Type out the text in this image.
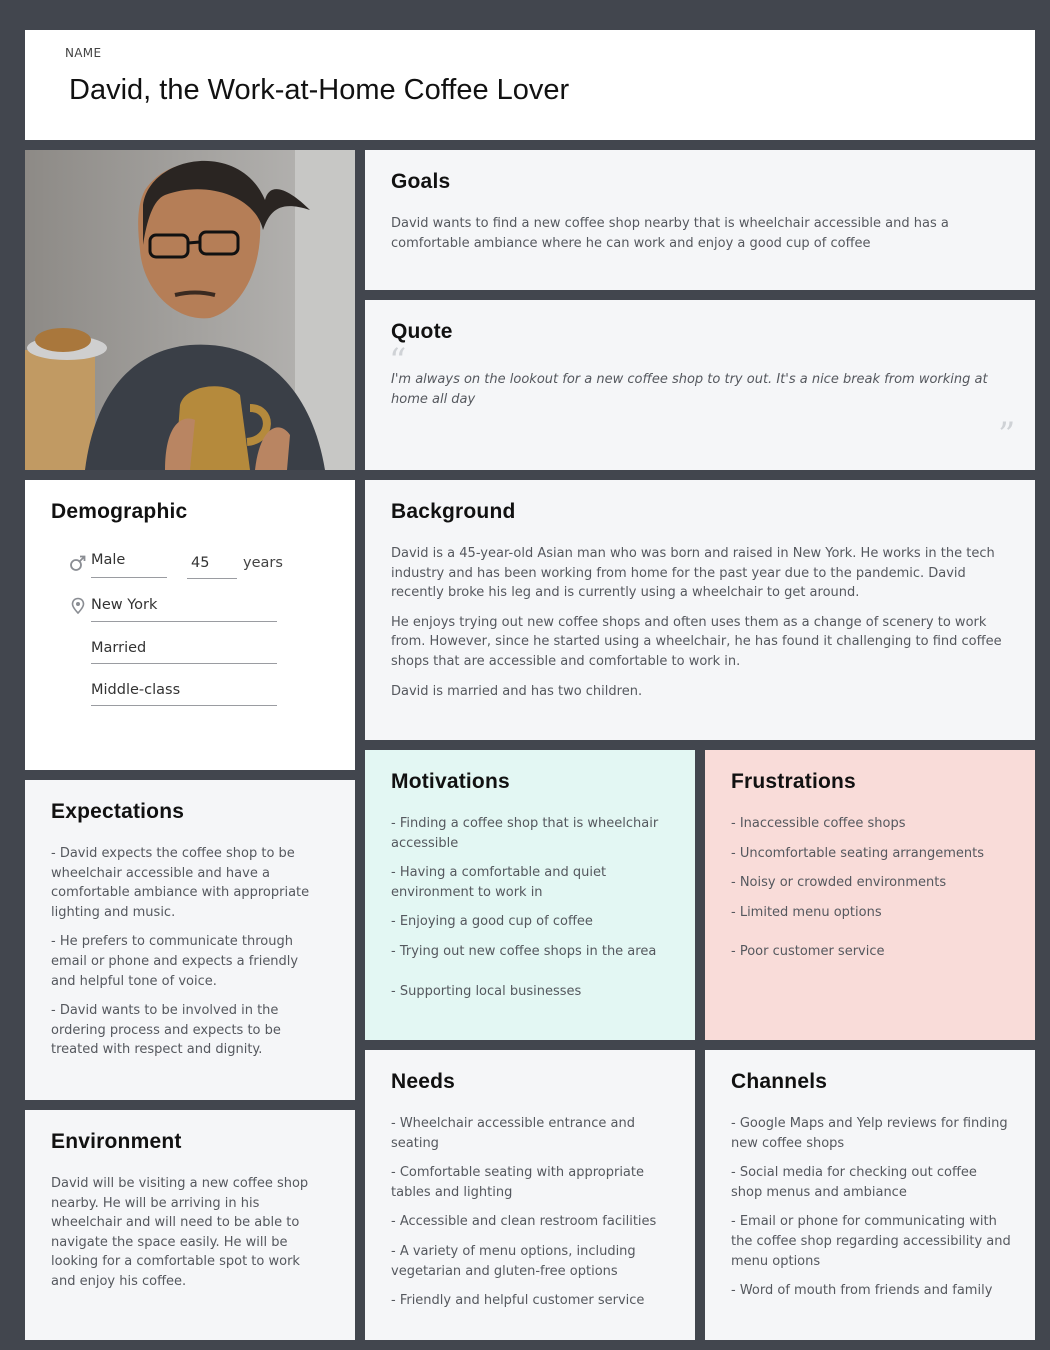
NAME
David, the Work-at-Home Coffee Lover
Goals
David wants to find a new coffee shop nearby that is wheelchair accessible and has a comfortable ambiance where he can work and enjoy a good cup of coffee
Quote
“
I'm always on the lookout for a new coffee shop to try out. It's a nice break from working at home all day
”
Demographic
Male	45	years
New York
Married
Middle-class
Background

David is a 45-year-old Asian man who was born and raised in New York. He works in the tech industry and has been working from home for the past year due to the pandemic. David recently broke his leg and is currently using a wheelchair to get around.

He enjoys trying out new coffee shops and often uses them as a change of scenery to work from. However, since he started using a wheelchair, he has found it challenging to find coffee shops that are accessible and comfortable to work in.

David is married and has two children.

Expectations

- David expects the coffee shop to be wheelchair accessible and have a comfortable ambiance with appropriate lighting and music.

- He prefers to communicate through email or phone and expects a friendly and helpful tone of voice.

- David wants to be involved in the ordering process and expects to be treated with respect and dignity.

Motivations

- Finding a coffee shop that is wheelchair accessible

- Having a comfortable and quiet environment to work in

- Enjoying a good cup of coffee

- Trying out new coffee shops in the area

- Supporting local businesses

Frustrations

- Inaccessible coffee shops

- Uncomfortable seating arrangements

- Noisy or crowded environments

- Limited menu options

- Poor customer service

Environment
David will be visiting a new coffee shop nearby. He will be arriving in his wheelchair and will need to be able to navigate the space easily. He will be looking for a comfortable spot to work and enjoy his coffee.
Needs

- Wheelchair accessible entrance and seating

- Comfortable seating with appropriate tables and lighting

- Accessible and clean restroom facilities

- A variety of menu options, including vegetarian and gluten-free options

- Friendly and helpful customer service

Channels

- Google Maps and Yelp reviews for finding new coffee shops

- Social media for checking out coffee shop menus and ambiance

- Email or phone for communicating with the coffee shop regarding accessibility and menu options

- Word of mouth from friends and family
